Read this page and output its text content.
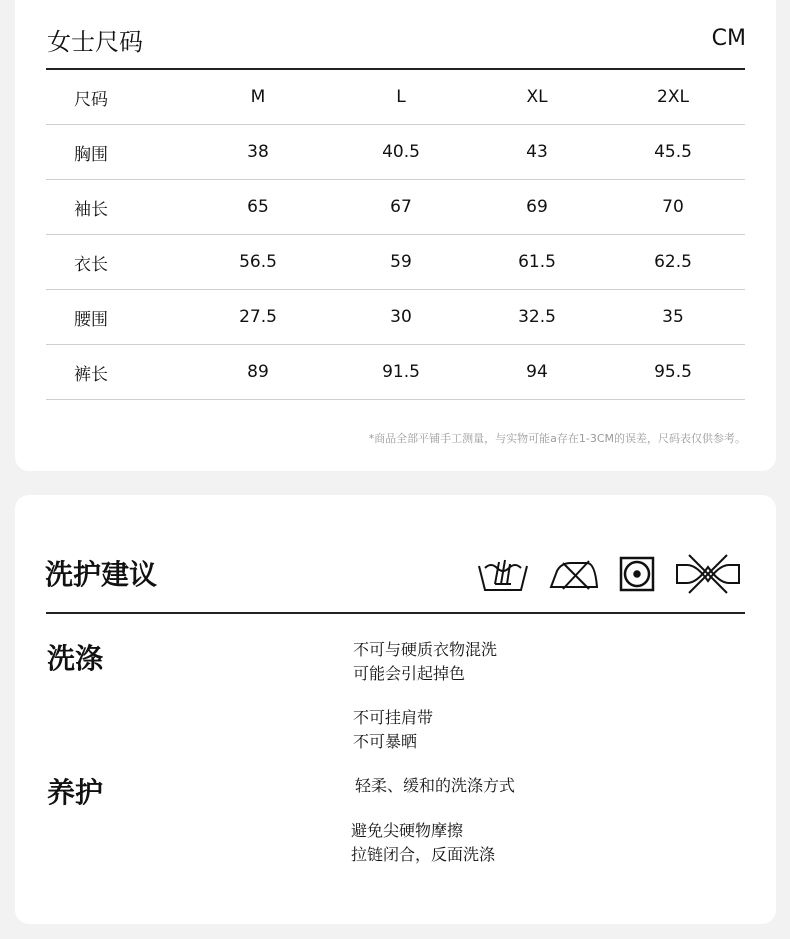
女士尺码	CM
尺码	M	L	XL	2XL
胸围	38	40.5	43	45.5
袖长	65	67	69	70
衣长	56.5	59	61.5	62.5
腰围	27.5	30	32.5	35
裤长	89	91.5	94	95.5
*商品全部平铺手工测量，与实物可能a存在1-3CM的误差，尺码表仅供参考。
洗护建议
洗涤	不可与硬质衣物混洗
可能会引起掉色
不可挂肩带
不可暴晒
养护	轻柔、缓和的洗涤方式
避免尖硬物摩擦
拉链闭合，反面洗涤
